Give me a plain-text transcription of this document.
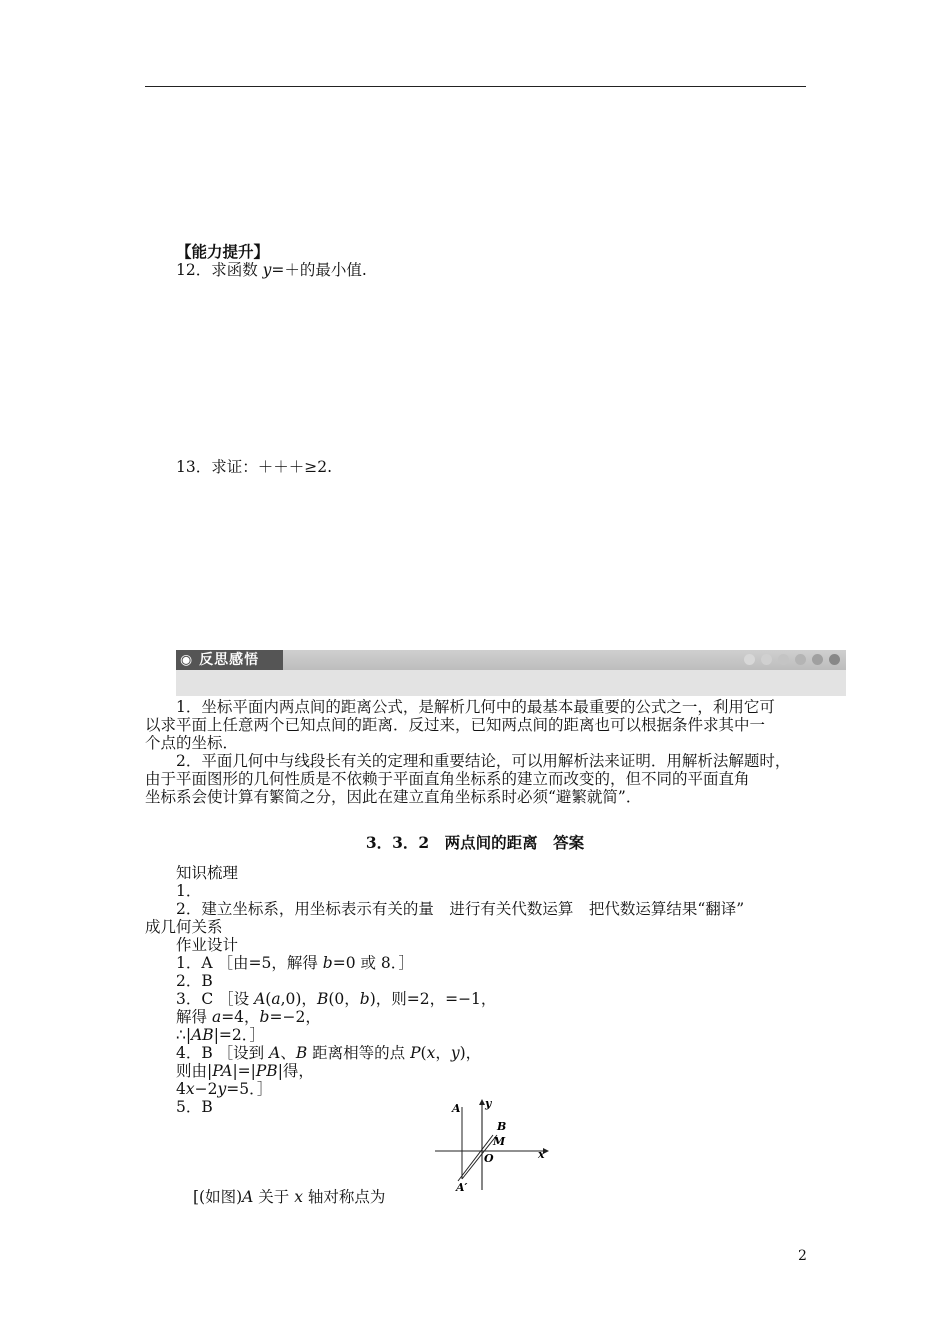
【能力提升】
12．求函数 y=＋的最小值.
13．求证：＋＋＋≥2.
◉ 反思感悟
1．坐标平面内两点间的距离公式，是解析几何中的最基本最重要的公式之一，利用它可
以求平面上任意两个已知点间的距离．反过来，已知两点间的距离也可以根据条件求其中一
个点的坐标．
2．平面几何中与线段长有关的定理和重要结论，可以用解析法来证明．用解析法解题时，
由于平面图形的几何性质是不依赖于平面直角坐标系的建立而改变的，但不同的平面直角
坐标系会使计算有繁简之分，因此在建立直角坐标系时必须“避繁就简”．
3．3．2　两点间的距离　答案
知识梳理
1．
2．建立坐标系，用坐标表示有关的量　进行有关代数运算　把代数运算结果“翻译”
成几何关系
作业设计
1．A ［由=5，解得 b=0 或 8．］
2．B
3．C ［设 A(a,0)，B(0，b)，则=2，=−1，
解得 a=4，b=−2，
∴|AB|=2．］
4．B ［设到 A、B 距离相等的点 P(x，y)，
则由|PA|=|PB|得，
4x−2y=5．］
5．B	A y
B
M
O	x
A′
[(如图)A 关于 x 轴对称点为
2
